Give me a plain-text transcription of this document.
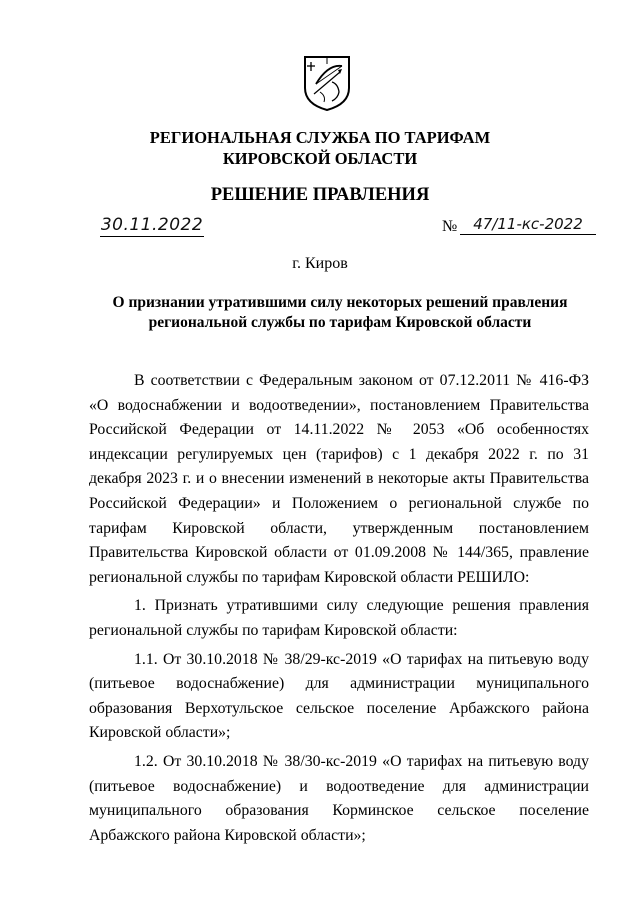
РЕГИОНАЛЬНАЯ СЛУЖБА ПО ТАРИФАМ
КИРОВСКОЙ ОБЛАСТИ
РЕШЕНИЕ ПРАВЛЕНИЯ
30.11.2022	№	47/11-кс-2022
г. Киров
О признании утратившими силу некоторых решений правления
региональной службы по тарифам Кировской области

В соответствии с Федеральным законом от 07.12.2011 № 416-ФЗ «О водоснабжении и водоотведении», постановлением Правительства Российской Федерации от 14.11.2022 № 2053 «Об особенностях индексации регулируемых цен (тарифов) с 1 декабря 2022 г. по 31 декабря 2023 г. и о внесении изменений в некоторые акты Правительства Российской Федерации» и Положением о региональной службе по тарифам Кировской области, утвержденным постановлением Правительства Кировской области от 01.09.2008 № 144/365, правление региональной службы по тарифам Кировской области РЕШИЛО:

1. Признать утратившими силу следующие решения правления региональной службы по тарифам Кировской области:

1.1. От 30.10.2018 № 38/29-кс-2019 «О тарифах на питьевую воду (питьевое водоснабжение) для администрации муниципального образования Верхотульское сельское поселение Арбажского района Кировской области»;

1.2. От 30.10.2018 № 38/30-кс-2019 «О тарифах на питьевую воду (питьевое водоснабжение) и водоотведение для администрации муниципального образования Корминское сельское поселение Арбажского района Кировской области»;
